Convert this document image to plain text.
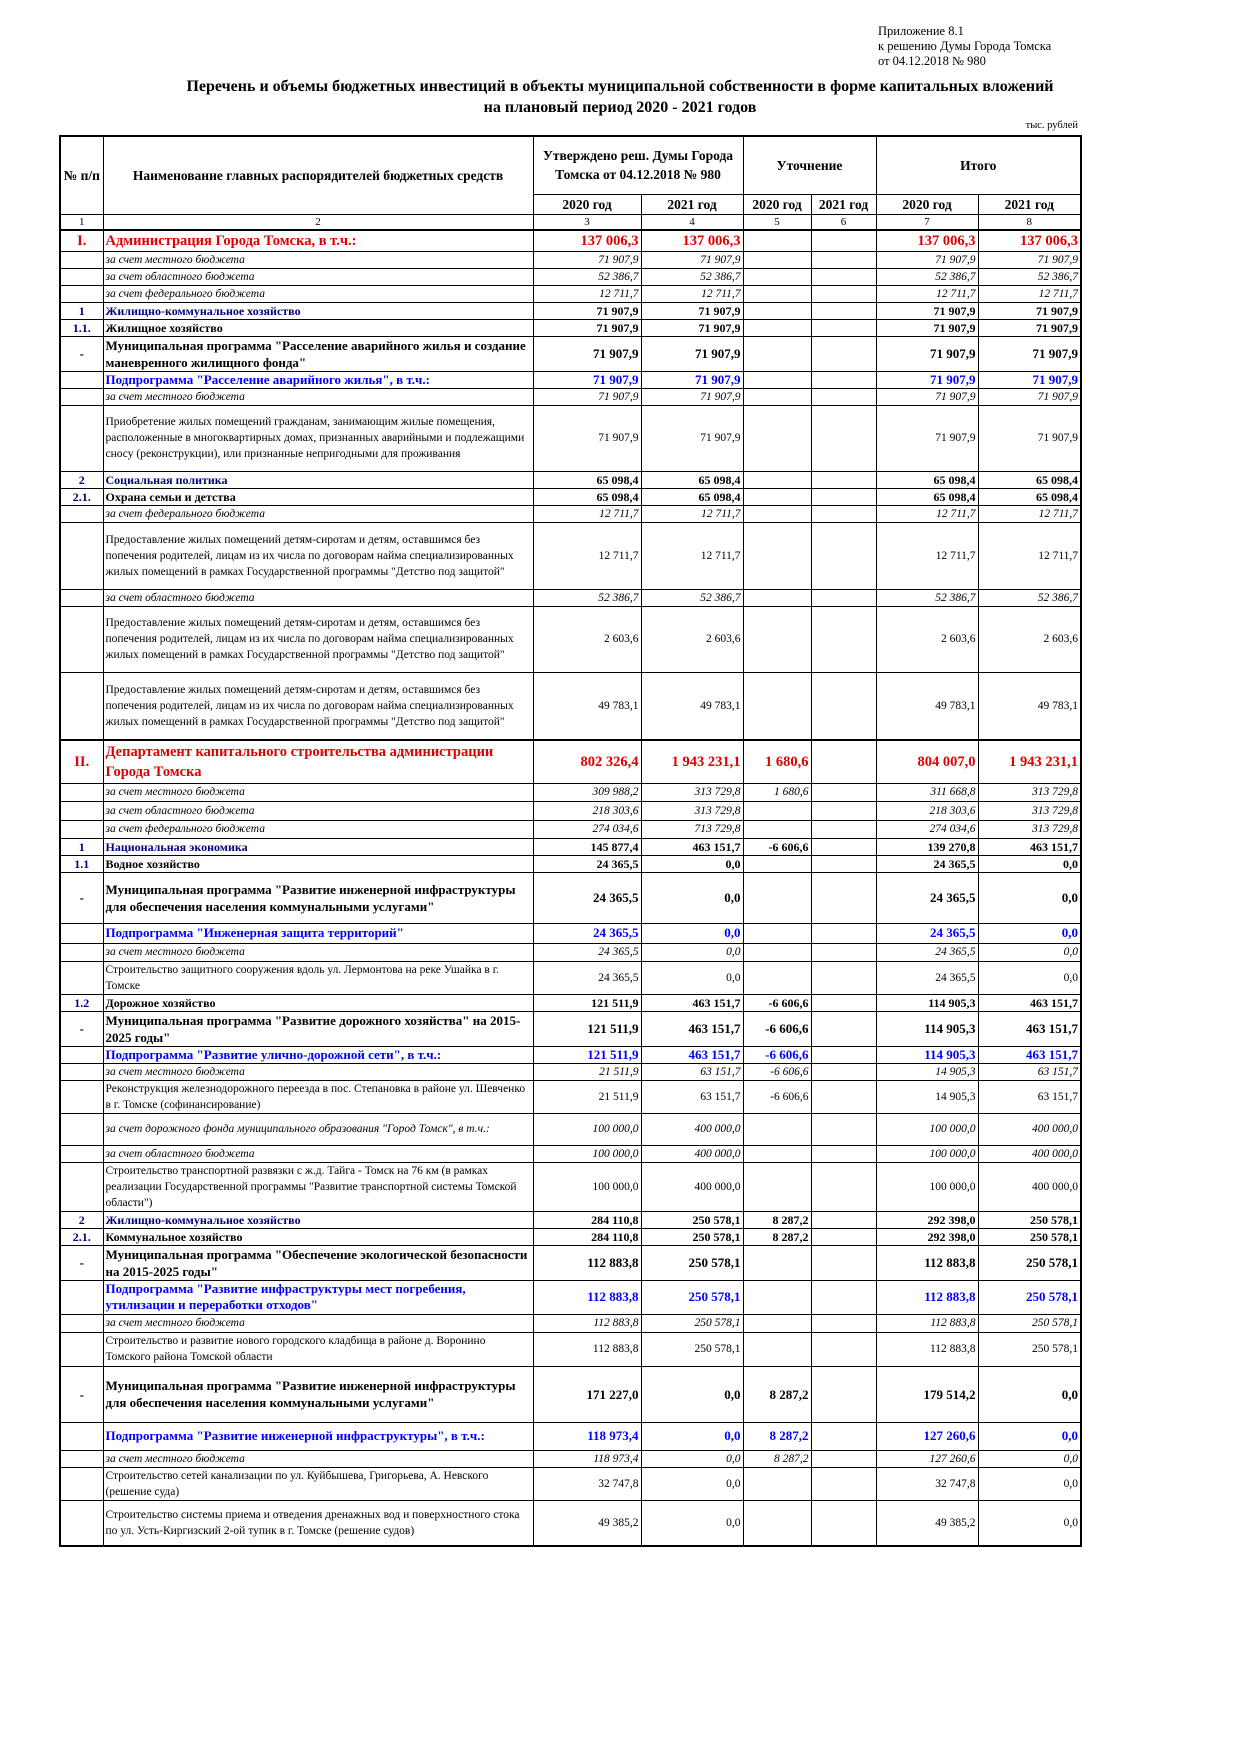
Приложение 8.1
к решению Думы Города Томска
от 04.12.2018 № 980
Перечень и объемы бюджетных инвестиций в объекты муниципальной собственности в форме капитальных вложений
на плановый период 2020 - 2021 годов
тыс. рублей
№ п/п	Наименование главных распорядителей бюджетных средств	Утверждено реш. Думы Города Томска от 04.12.2018 № 980		Уточнение		Итого	
		2020 год	2021 год	2020 год	2021 год	2020 год	2021 год
1	2	3	4	5	6	7	8
I.	Администрация Города Томска, в т.ч.:	137 006,3	137 006,3			137 006,3	137 006,3
	за счет местного бюджета	71 907,9	71 907,9			71 907,9	71 907,9
	за счет областного бюджета	52 386,7	52 386,7			52 386,7	52 386,7
	за счет федерального бюджета	12 711,7	12 711,7			12 711,7	12 711,7
1	Жилищно-коммунальное хозяйство	71 907,9	71 907,9			71 907,9	71 907,9
1.1.	Жилищное хозяйство	71 907,9	71 907,9			71 907,9	71 907,9
-	Муниципальная программа "Расселение аварийного жилья и создание маневренного жилищного фонда"	71 907,9	71 907,9			71 907,9	71 907,9
	Подпрограмма "Расселение аварийного жилья", в т.ч.:	71 907,9	71 907,9			71 907,9	71 907,9
	за счет местного бюджета	71 907,9	71 907,9			71 907,9	71 907,9
	Приобретение жилых помещений гражданам, занимающим жилые помещения, расположенные в многоквартирных домах, признанных аварийными и подлежащими сносу (реконструкции), или признанные непригодными для проживания	71 907,9	71 907,9			71 907,9	71 907,9
2	Социальная политика	65 098,4	65 098,4			65 098,4	65 098,4
2.1.	Охрана семьи и детства	65 098,4	65 098,4			65 098,4	65 098,4
	за счет федерального бюджета	12 711,7	12 711,7			12 711,7	12 711,7
	Предоставление жилых помещений детям-сиротам и детям, оставшимся без попечения родителей, лицам из их числа по договорам найма специализированных жилых помещений в рамках Государственной программы "Детство под защитой"	12 711,7	12 711,7			12 711,7	12 711,7
	за счет областного бюджета	52 386,7	52 386,7			52 386,7	52 386,7
	Предоставление жилых помещений детям-сиротам и детям, оставшимся без попечения родителей, лицам из их числа по договорам найма специализированных жилых помещений в рамках Государственной программы "Детство под защитой"	2 603,6	2 603,6			2 603,6	2 603,6
	Предоставление жилых помещений детям-сиротам и детям, оставшимся без попечения родителей, лицам из их числа по договорам найма специализированных жилых помещений в рамках Государственной программы "Детство под защитой"	49 783,1	49 783,1			49 783,1	49 783,1
II.	Департамент капитального строительства администрации Города Томска	802 326,4	1 943 231,1	1 680,6		804 007,0	1 943 231,1
	за счет местного бюджета	309 988,2	313 729,8	1 680,6		311 668,8	313 729,8
	за счет областного бюджета	218 303,6	313 729,8			218 303,6	313 729,8
	за счет федерального бюджета	274 034,6	713 729,8			274 034,6	313 729,8
1	Национальная экономика	145 877,4	463 151,7	-6 606,6		139 270,8	463 151,7
1.1	Водное хозяйство	24 365,5	0,0			24 365,5	0,0
-	Муниципальная программа "Развитие инженерной инфраструктуры для обеспечения населения коммунальными услугами"	24 365,5	0,0			24 365,5	0,0
	Подпрограмма "Инженерная защита территорий"	24 365,5	0,0			24 365,5	0,0
	за счет местного бюджета	24 365,5	0,0			24 365,5	0,0
	Строительство защитного сооружения вдоль ул. Лермонтова на реке Ушайка в г. Томске	24 365,5	0,0			24 365,5	0,0
1.2	Дорожное хозяйство	121 511,9	463 151,7	-6 606,6		114 905,3	463 151,7
-	Муниципальная программа "Развитие дорожного хозяйства" на 2015-2025 годы"	121 511,9	463 151,7	-6 606,6		114 905,3	463 151,7
	Подпрограмма "Развитие улично-дорожной сети", в т.ч.:	121 511,9	463 151,7	-6 606,6		114 905,3	463 151,7
	за счет местного бюджета	21 511,9	63 151,7	-6 606,6		14 905,3	63 151,7
	Реконструкция железнодорожного переезда в пос. Степановка в районе ул. Шевченко в г. Томске (софинансирование)	21 511,9	63 151,7	-6 606,6		14 905,3	63 151,7
	за счет дорожного фонда муниципального образования "Город Томск", в т.ч.:	100 000,0	400 000,0			100 000,0	400 000,0
	за счет областного бюджета	100 000,0	400 000,0			100 000,0	400 000,0
	Строительство транспортной развязки с ж.д. Тайга - Томск на 76 км (в рамках реализации Государственной программы "Развитие транспортной системы Томской области")	100 000,0	400 000,0			100 000,0	400 000,0
2	Жилищно-коммунальное хозяйство	284 110,8	250 578,1	8 287,2		292 398,0	250 578,1
2.1.	Коммунальное хозяйство	284 110,8	250 578,1	8 287,2		292 398,0	250 578,1
-	Муниципальная программа "Обеспечение экологической безопасности на 2015-2025 годы"	112 883,8	250 578,1			112 883,8	250 578,1
	Подпрограмма "Развитие инфраструктуры мест погребения, утилизации и переработки отходов"	112 883,8	250 578,1			112 883,8	250 578,1
	за счет местного бюджета	112 883,8	250 578,1			112 883,8	250 578,1
	Строительство и развитие нового городского кладбища в районе д. Воронино Томского района Томской области	112 883,8	250 578,1			112 883,8	250 578,1
-	Муниципальная программа "Развитие инженерной инфраструктуры для обеспечения населения коммунальными услугами"	171 227,0	0,0	8 287,2		179 514,2	0,0
	Подпрограмма "Развитие инженерной инфраструктуры", в т.ч.:	118 973,4	0,0	8 287,2		127 260,6	0,0
	за счет местного бюджета	118 973,4	0,0	8 287,2		127 260,6	0,0
	Строительство сетей канализации по ул. Куйбышева, Григорьева, А. Невского (решение суда)	32 747,8	0,0			32 747,8	0,0
	Строительство системы приема и отведения дренажных вод и поверхностного стока по ул. Усть-Киргизский 2-ой тупик в г. Томске (решение судов)	49 385,2	0,0			49 385,2	0,0
